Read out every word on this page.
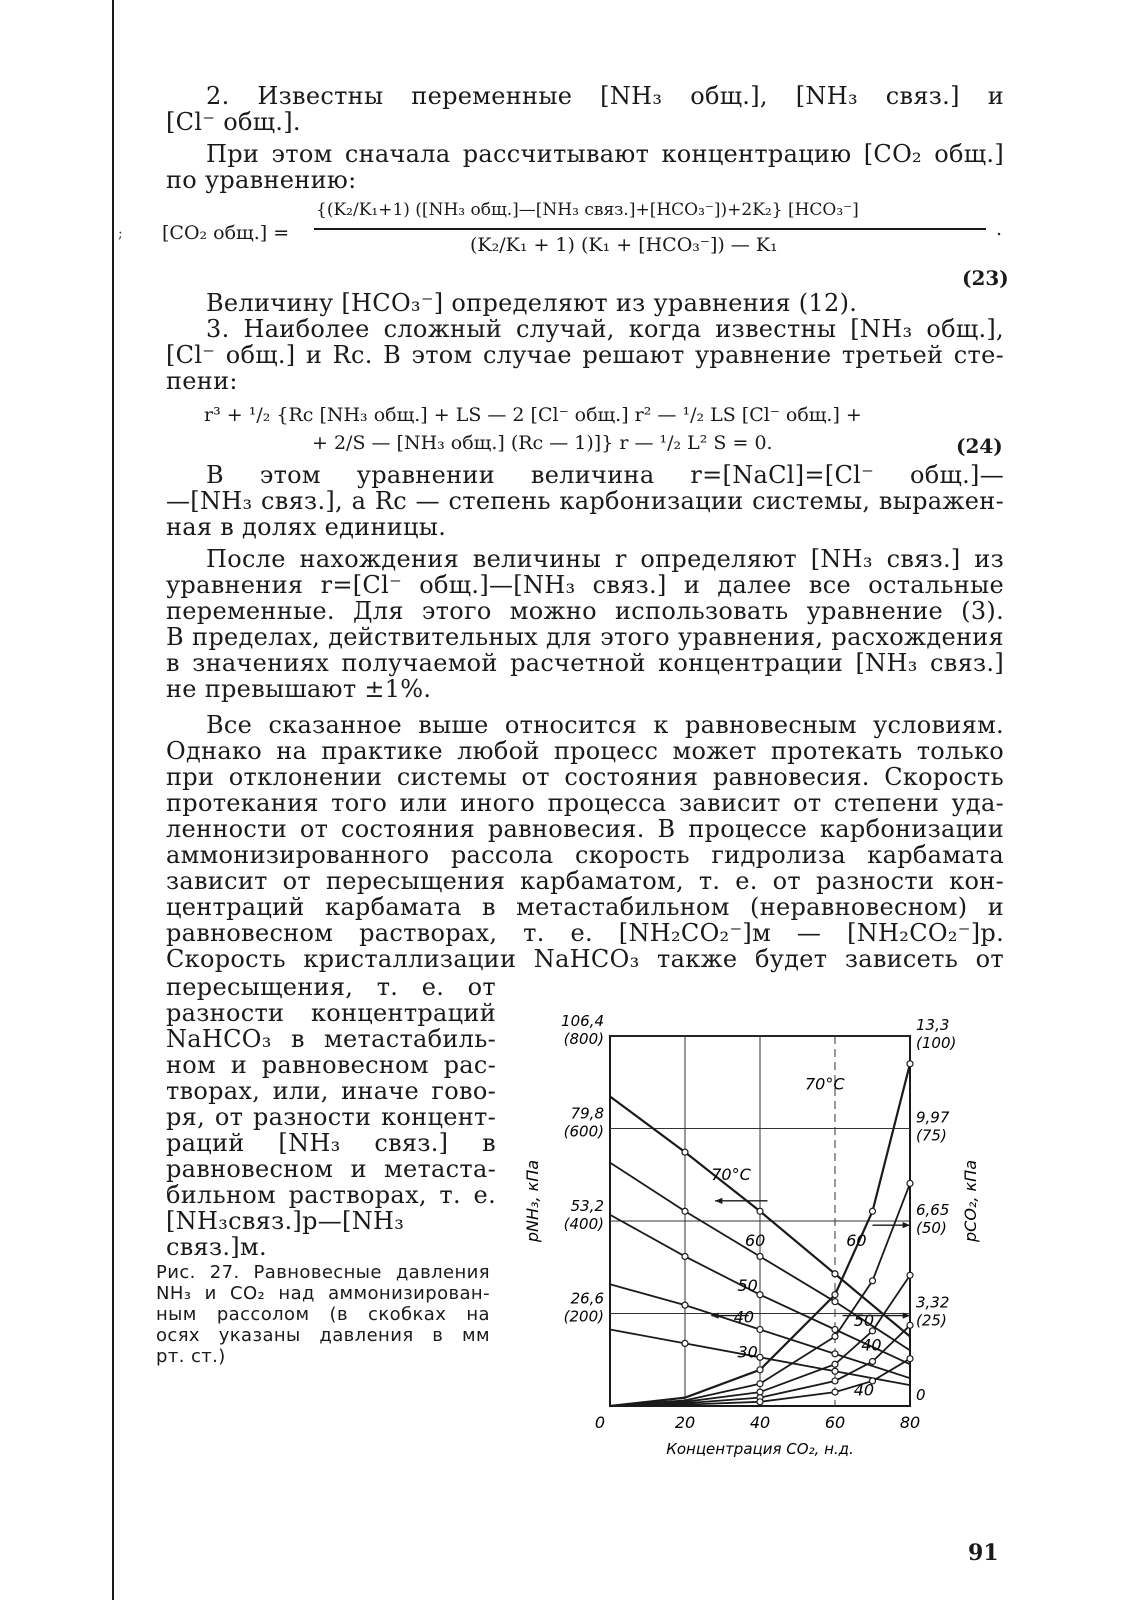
;
2. Известны переменные [NH₃ общ.], [NH₃ связ.] и
[Cl⁻ общ.].
При этом сначала рассчитывают концентрацию [CO₂ общ.]
по уравнению:
[CO₂ общ.] =
{(K₂/K₁+1) ([NH₃ общ.]—[NH₃ связ.]+[HCO₃⁻])+2K₂} [HCO₃⁻]
(K₂/K₁ + 1) (K₁ + [HCO₃⁻]) — K₁
.
(23)
Величину [HCO₃⁻] определяют из уравнения (12).
3. Наиболее сложный случай, когда известны [NH₃ общ.],
[Cl⁻ общ.] и Rc. В этом случае решают уравнение третьей сте-
пени:
r³ + ¹/₂ {Rc [NH₃ общ.] + LS — 2 [Cl⁻ общ.] r² — ¹/₂ LS [Cl⁻ общ.] +
+ 2/S — [NH₃ общ.] (Rc — 1)]} r — ¹/₂ L² S = 0.	(24)
В этом уравнении величина r=[NaCl]=[Cl⁻ общ.]—
—[NH₃ связ.], а Rc — степень карбонизации системы, выражен-
ная в долях единицы.
После нахождения величины r определяют [NH₃ связ.] из
уравнения r=[Cl⁻ общ.]—[NH₃ связ.] и далее все остальные
переменные. Для этого можно использовать уравнение (3).
В пределах, действительных для этого уравнения, расхождения
в значениях получаемой расчетной концентрации [NH₃ связ.]
не превышают ±1%.
Все сказанное выше относится к равновесным условиям.
Однако на практике любой процесс может протекать только
при отклонении системы от состояния равновесия. Скорость
протекания того или иного процесса зависит от степени уда-
ленности от состояния равновесия. В процессе карбонизации
аммонизированного рассола скорость гидролиза карбамата
зависит от пересыщения карбаматом, т. е. от разности кон-
центраций карбамата в метастабильном (неравновесном) и
равновесном растворах, т. е. [NH₂CO₂⁻]м — [NH₂CO₂⁻]р.
Скорость кристаллизации NaHCO₃ также будет зависеть от
пересыщения, т. е. от
разности концентраций
NaHCO₃ в метастабиль-
ном и равновесном рас-
творах, или, иначе гово-
ря, от разности концент-
раций [NH₃ связ.] в
равновесном и метаста-
бильном растворах, т. е.
[NH₃связ.]р—[NH₃ связ.]м.
Рис. 27. Равновесные давления
NH₃ и CO₂ над аммонизирован-
ным рассолом (в скобках на
осях указаны давления в мм
рт. ст.)
106,4
(800)
79,8
(600)
53,2
(400)
26,6
(200)
13,3
(100)
9,97
(75)
6,65
(50)
3,32
(25)
0
0	20	40	60	80
Концентрация CO₂, н.д.
pNH₃, кПа	pCO₂, кПа
70°C
70°C
60	60
50
50
40
40
30
40
91
